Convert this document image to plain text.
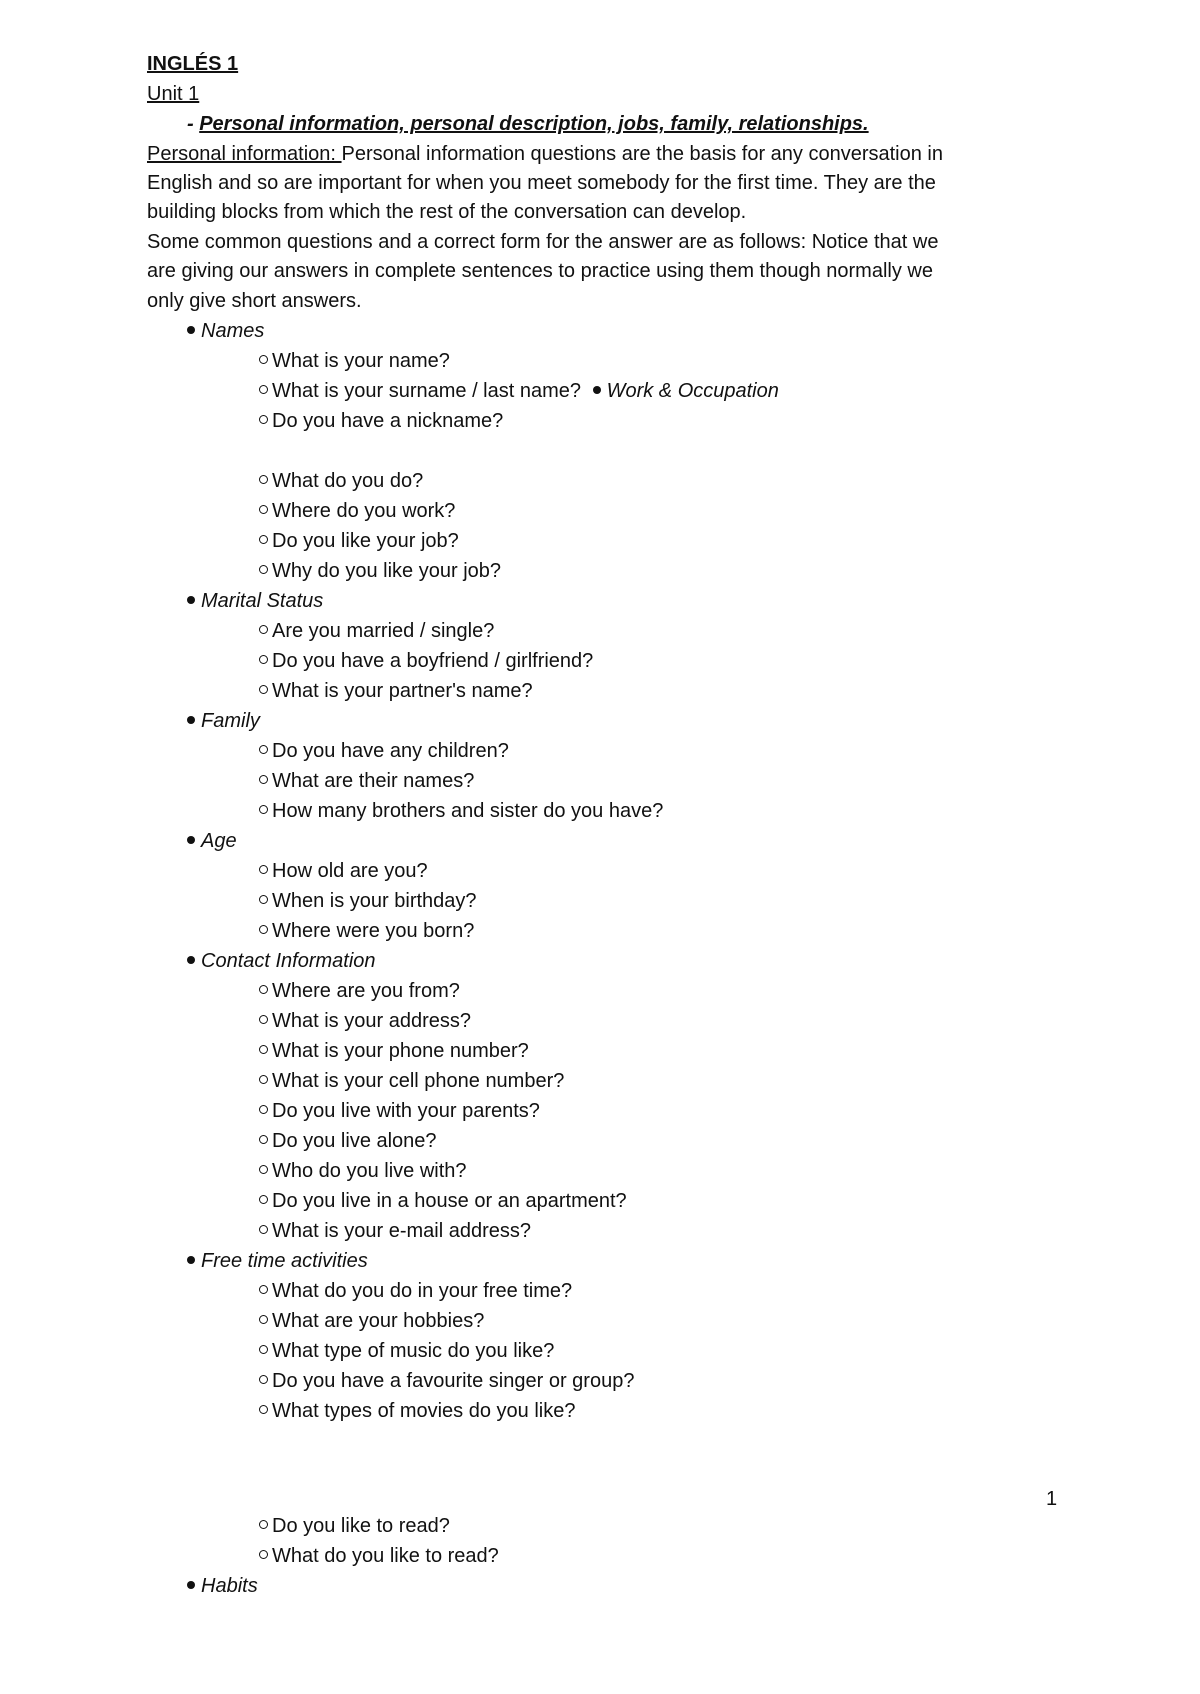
INGLÉS 1
Unit 1
- Personal information, personal description, jobs, family, relationships.
Personal information: Personal information questions are the basis for any conversation in
English and so are important for when you meet somebody for the first time. They are the
building blocks from which the rest of the conversation can develop.
Some common questions and a correct form for the answer are as follows: Notice that we
are giving our answers in complete sentences to practice using them though normally we
only give short answers.
Names
What is your name?
What is your surname / last name? Work & Occupation
Do you have a nickname?
What do you do?
Where do you work?
Do you like your job?
Why do you like your job?
Marital Status
Are you married / single?
Do you have a boyfriend / girlfriend?
What is your partner's name?
Family
Do you have any children?
What are their names?
How many brothers and sister do you have?
Age
How old are you?
When is your birthday?
Where were you born?
Contact Information
Where are you from?
What is your address?
What is your phone number?
What is your cell phone number?
Do you live with your parents?
Do you live alone?
Who do you live with?
Do you live in a house or an apartment?
What is your e-mail address?
Free time activities
What do you do in your free time?
What are your hobbies?
What type of music do you like?
Do you have a favourite singer or group?
What types of movies do you like?
1
Do you like to read?
What do you like to read?
Habits
